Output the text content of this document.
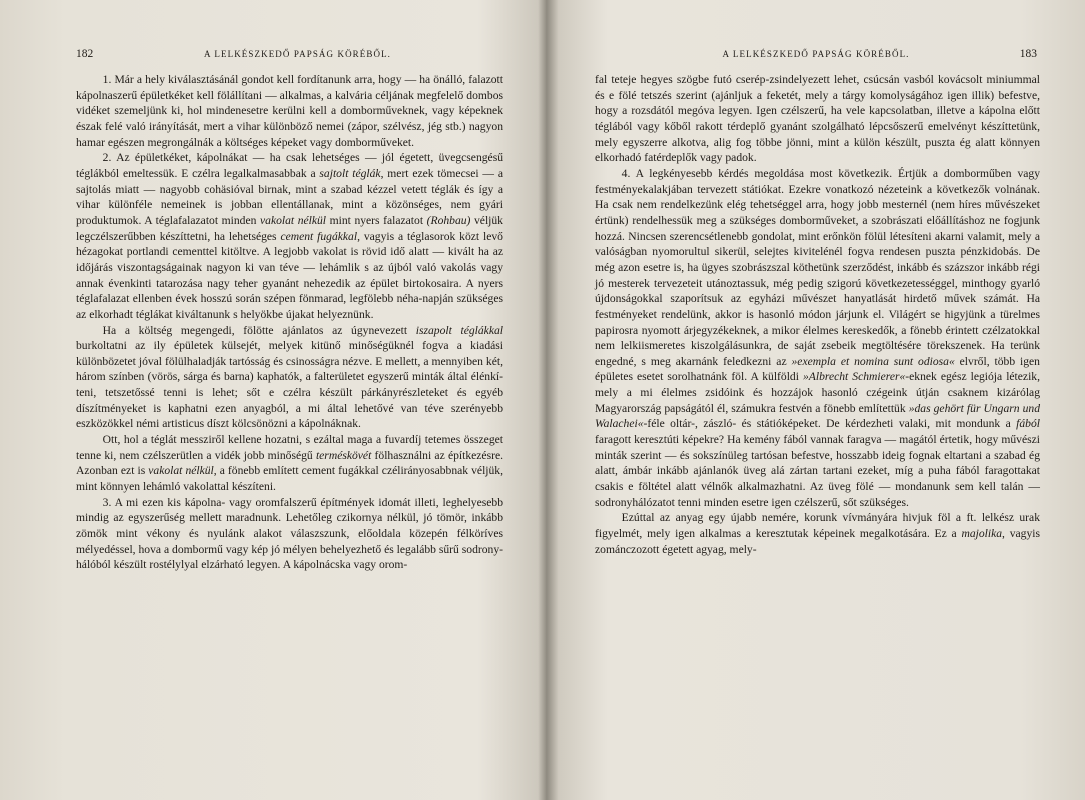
182	A LELKÉSZKEDŐ PAPSÁG KÖRÉBŐL.

1. Már a hely kiválasztásánál gondot kell fordítanunk arra, hogy — ha önálló, falazott kápolnaszerű épületkéket kell fölállítani — alkalmas, a kalvária céljának megfelelő dombos vidéket szemeljünk ki, hol mindenesetre kerülni kell a domborműveknek, vagy képeknek észak felé való irányítását, mert a vihar különböző nemei (zápor, szélvész, jég stb.) nagyon hamar egészen megrongálnák a költséges képeket vagy domborműveket.

2. Az épületkéket, kápolnákat — ha csak lehetséges — jól égetett, üvegcsengésű téglákból emeltessük. E czélra legalkalmasabbak a sajtolt téglák, mert ezek tömecsei — a sajtolás miatt — nagyobb cohäsióval birnak, mint a szabad kézzel vetett téglák és így a vihar különféle nemeinek is jobban ellentállanak, mint a közönséges, nem gyári produktumok. A téglafalazatot minden vakolat nélkül mint nyers falazatot (Rohbau) véljük legczélszerűbben készíttetni, ha lehetséges cement fugákkal, vagyis a téglasorok közt levő hézagokat portlandi cementtel kitöltve. A legjobb vakolat is rövid idő alatt — kivált ha az időjárás viszontagságainak nagyon ki van téve — lehámlik s az újból való vakolás vagy annak évenkinti tatarozása nagy teher gyanánt nehezedik az épület birtokosaira. A nyers téglafalazat ellenben évek hosszú során szépen fönmarad, legfölebb néha-napján szükséges az elkorhadt téglákat kiváltanunk s helyökbe újakat helyeznünk.

Ha a költség megengedi, fölötte ajánlatos az úgynevezett iszapolt téglákkal burkoltatni az ily épületek külsejét, melyek kitünő minőségüknél fogva a kiadási különbözetet jóval fölülhaladják tartósság és csinosságra nézve. E mellett, a mennyiben két, három színben (vörös, sárga és barna) kaphatók, a falterületet egyszerű minták által élénkíteni, tetszetőssé tenni is lehet; sőt e czélra készült párkányrészleteket és egyéb díszítményeket is kaphatni ezen anyagból, a mi által lehetővé van téve szerényebb eszközökkel némi artisticus díszt kölcsönözni a kápolnáknak.

Ott, hol a téglát messziről kellene hozatni, s ezáltal maga a fuvardíj tetemes összeget tenne ki, nem czélszerütlen a vidék jobb minőségű terméskövét fölhasználni az építkezésre. Azonban ezt is vakolat nélkül, a fönebb említett cement fugákkal czélirányosabbnak véljük, mint könnyen lehámló vakolattal készíteni.

3. A mi ezen kis kápolna- vagy oromfalszerű építmények idomát illeti, leghelyesebb mindig az egyszerűség mellett maradnunk. Lehetőleg czikornya nélkül, jó tömör, inkább zömök mint vékony és nyulánk alakot válaszszunk, előoldala közepén félköríves mélyedéssel, hova a dombormű vagy kép jó mélyen behelyezhető és legalább sűrű sodronyhálóból készült rostélylyal elzárható legyen. A kápolnácska vagy orom-

A LELKÉSZKEDŐ PAPSÁG KÖRÉBŐL.	183

fal teteje hegyes szögbe futó cserép-zsindelyezett lehet, csúcsán vasból kovácsolt miniummal és e fölé tetszés szerint (ajánljuk a feketét, mely a tárgy komolyságához igen illik) befestve, hogy a rozsdától megóva legyen. Igen czélszerű, ha vele kapcsolatban, illetve a kápolna előtt téglából vagy kőből rakott térdeplő gyanánt szolgálható lépcsőszerű emelvényt készíttetünk, mely egyszerre alkotva, alig fog többe jönni, mint a külön készült, puszta ég alatt könnyen elkorhadó fatérdeplők vagy padok.

4. A legkényesebb kérdés megoldása most következik. Értjük a domborműben vagy festményekalakjában tervezett státiókat. Ezekre vonatkozó nézeteink a következők volnának. Ha csak nem rendelkezünk elég tehetséggel arra, hogy jobb mesternél (nem híres művészeket értünk) rendelhessük meg a szükséges domborműveket, a szobrászati előállításhoz ne fogjunk hozzá. Nincsen szerencsétlenebb gondolat, mint erőnkön fölül létesíteni akarni valamit, mely a valóságban nyomorultul sikerül, selejtes kivitelénél fogva rendesen puszta pénzkidobás. De még azon esetre is, ha ügyes szobrászszal köthetünk szerződést, inkább és százszor inkább régi jó mesterek tervezeteit utánoztassuk, még pedig szigorú következetességgel, minthogy gyarló újdonságokkal szaporítsuk az egyházi művészet hanyatlását hirdető művek számát. Ha festményeket rendelünk, akkor is hasonló módon járjunk el. Világért se higyjünk a türelmes papirosra nyomott árjegyzékeknek, a mikor élelmes kereskedők, a fönebb érintett czélzatokkal nem lelkiismeretes kiszolgálásunkra, de saját zsebeik megtöltésére törekszenek. Ha terünk engedné, s meg akarnánk feledkezni az »exempla et nomina sunt odiosa« elvről, több igen épületes esetet sorolhatnánk föl. A külföldi »Albrecht Schmierer«-eknek egész legiója létezik, mely a mi élelmes zsidóink és hozzájok hasonló czégeink útján csaknem kizárólag Magyarország papságától él, számukra festvén a fönebb említettük »das gehört für Ungarn und Walachei«-féle oltár-, zászló- és státióképeket. De kérdezheti valaki, mit mondunk a fából faragott keresztúti képekre? Ha kemény fából vannak faragva — magától értetik, hogy művészi minták szerint — és sokszínüleg tartósan befestve, hosszabb ideig fognak eltartani a szabad ég alatt, ámbár inkább ajánlanók üveg alá zártan tartani ezeket, míg a puha fából faragottakat csakis e föltétel alatt vélnők alkalmazhatni. Az üveg fölé — mondanunk sem kell talán — sodronyhálózatot tenni minden esetre igen czélszerű, sőt szükséges.

Ezúttal az anyag egy újabb nemére, korunk vívmányára hivjuk föl a ft. lelkész urak figyelmét, mely igen alkalmas a keresztutak képeinek megalkotására. Ez a majolika, vagyis zománczozott égetett agyag, mely-
